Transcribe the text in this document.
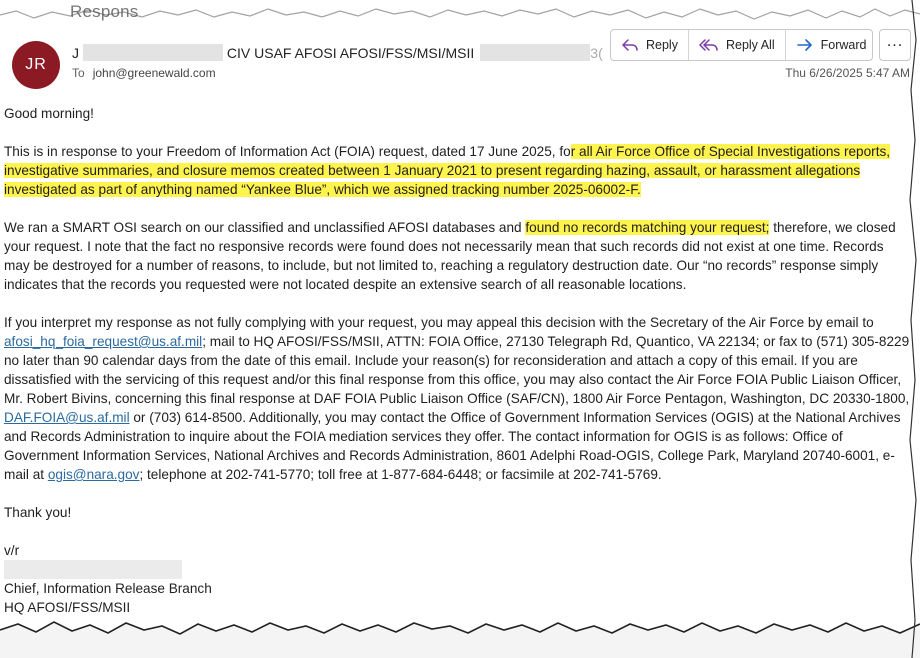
Respons
JR
J	CIV USAF AFOSI AFOSI/FSS/MSI/MSII	3(
To john@greenewald.com
Reply	Reply All	Forward ...
Thu 6/26/2025 5:47 AM

Good morning!

This is in response to your Freedom of Information Act (FOIA) request, dated 17 June 2025, for all Air Force Office of Special Investigations reports, investigative summaries, and closure memos created between 1 January 2021 to present regarding hazing, assault, or harassment allegations investigated as part of anything named “Yankee Blue”, which we assigned tracking number 2025-06002-F.

We ran a SMART OSI search on our classified and unclassified AFOSI databases and found no records matching your request; therefore, we closed your request. I note that the fact no responsive records were found does not necessarily mean that such records did not exist at one time. Records may be destroyed for a number of reasons, to include, but not limited to, reaching a regulatory destruction date. Our “no records” response simply indicates that the records you requested were not located despite an extensive search of all reasonable locations.

If you interpret my response as not fully complying with your request, you may appeal this decision with the Secretary of the Air Force by email to afosi_hq_foia_request@us.af.mil; mail to HQ AFOSI/FSS/MSII, ATTN: FOIA Office, 27130 Telegraph Rd, Quantico, VA 22134; or fax to (571) 305-8229 no later than 90 calendar days from the date of this email. Include your reason(s) for reconsideration and attach a copy of this email. If you are dissatisfied with the servicing of this request and/or this final response from this office, you may also contact the Air Force FOIA Public Liaison Officer, Mr. Robert Bivins, concerning this final response at DAF FOIA Public Liaison Office (SAF/CN), 1800 Air Force Pentagon, Washington, DC 20330-1800, DAF.FOIA@us.af.mil or (703) 614-8500. Additionally, you may contact the Office of Government Information Services (OGIS) at the National Archives and Records Administration to inquire about the FOIA mediation services they offer. The contact information for OGIS is as follows: Office of Government Information Services, National Archives and Records Administration, 8601 Adelphi Road-OGIS, College Park, Maryland 20740-6001, e-mail at ogis@nara.gov; telephone at 202-741-5770; toll free at 1-877-684-6448; or facsimile at 202-741-5769.

Thank you!

v/r
Chief, Information Release Branch
HQ AFOSI/FSS/MSII
